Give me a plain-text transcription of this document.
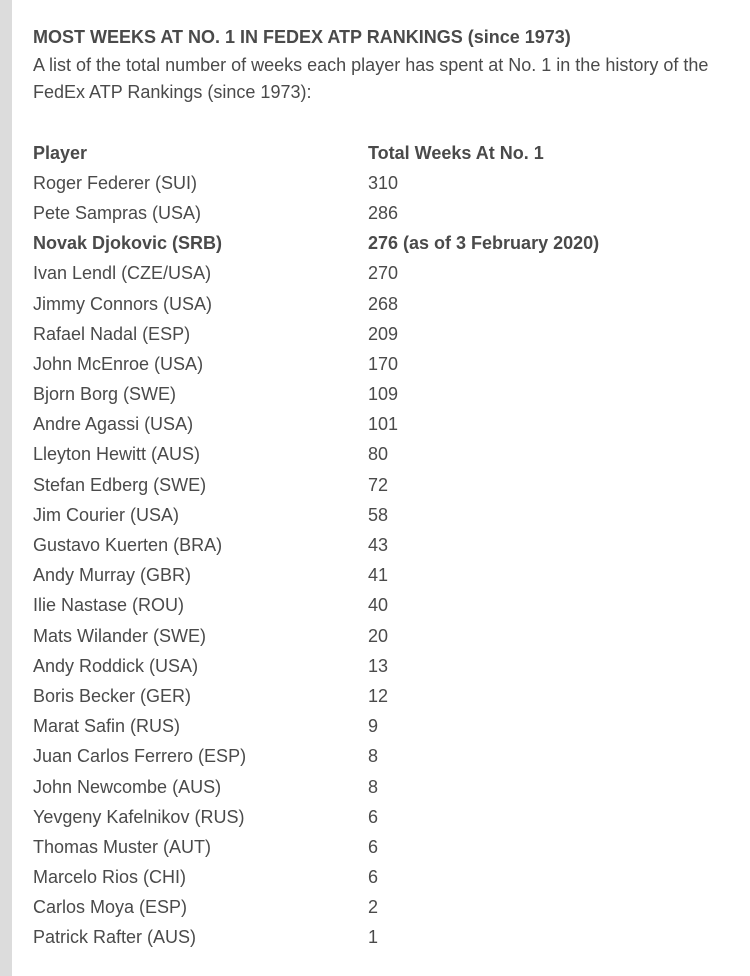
MOST WEEKS AT NO. 1 IN FEDEX ATP RANKINGS (since 1973)

A list of the total number of weeks each player has spent at No. 1 in the history of the FedEx ATP Rankings (since 1973):

Player	Total Weeks At No. 1
Roger Federer (SUI)	310
Pete Sampras (USA)	286
Novak Djokovic (SRB)	276 (as of 3 February 2020)
Ivan Lendl (CZE/USA)	270
Jimmy Connors (USA)	268
Rafael Nadal (ESP)	209
John McEnroe (USA)	170
Bjorn Borg (SWE)	109
Andre Agassi (USA)	101
Lleyton Hewitt (AUS)	80
Stefan Edberg (SWE)	72
Jim Courier (USA)	58
Gustavo Kuerten (BRA)	43
Andy Murray (GBR)	41
Ilie Nastase (ROU)	40
Mats Wilander (SWE)	20
Andy Roddick (USA)	13
Boris Becker (GER)	12
Marat Safin (RUS)	9
Juan Carlos Ferrero (ESP)	8
John Newcombe (AUS)	8
Yevgeny Kafelnikov (RUS)	6
Thomas Muster (AUT)	6
Marcelo Rios (CHI)	6
Carlos Moya (ESP)	2
Patrick Rafter (AUS)	1
